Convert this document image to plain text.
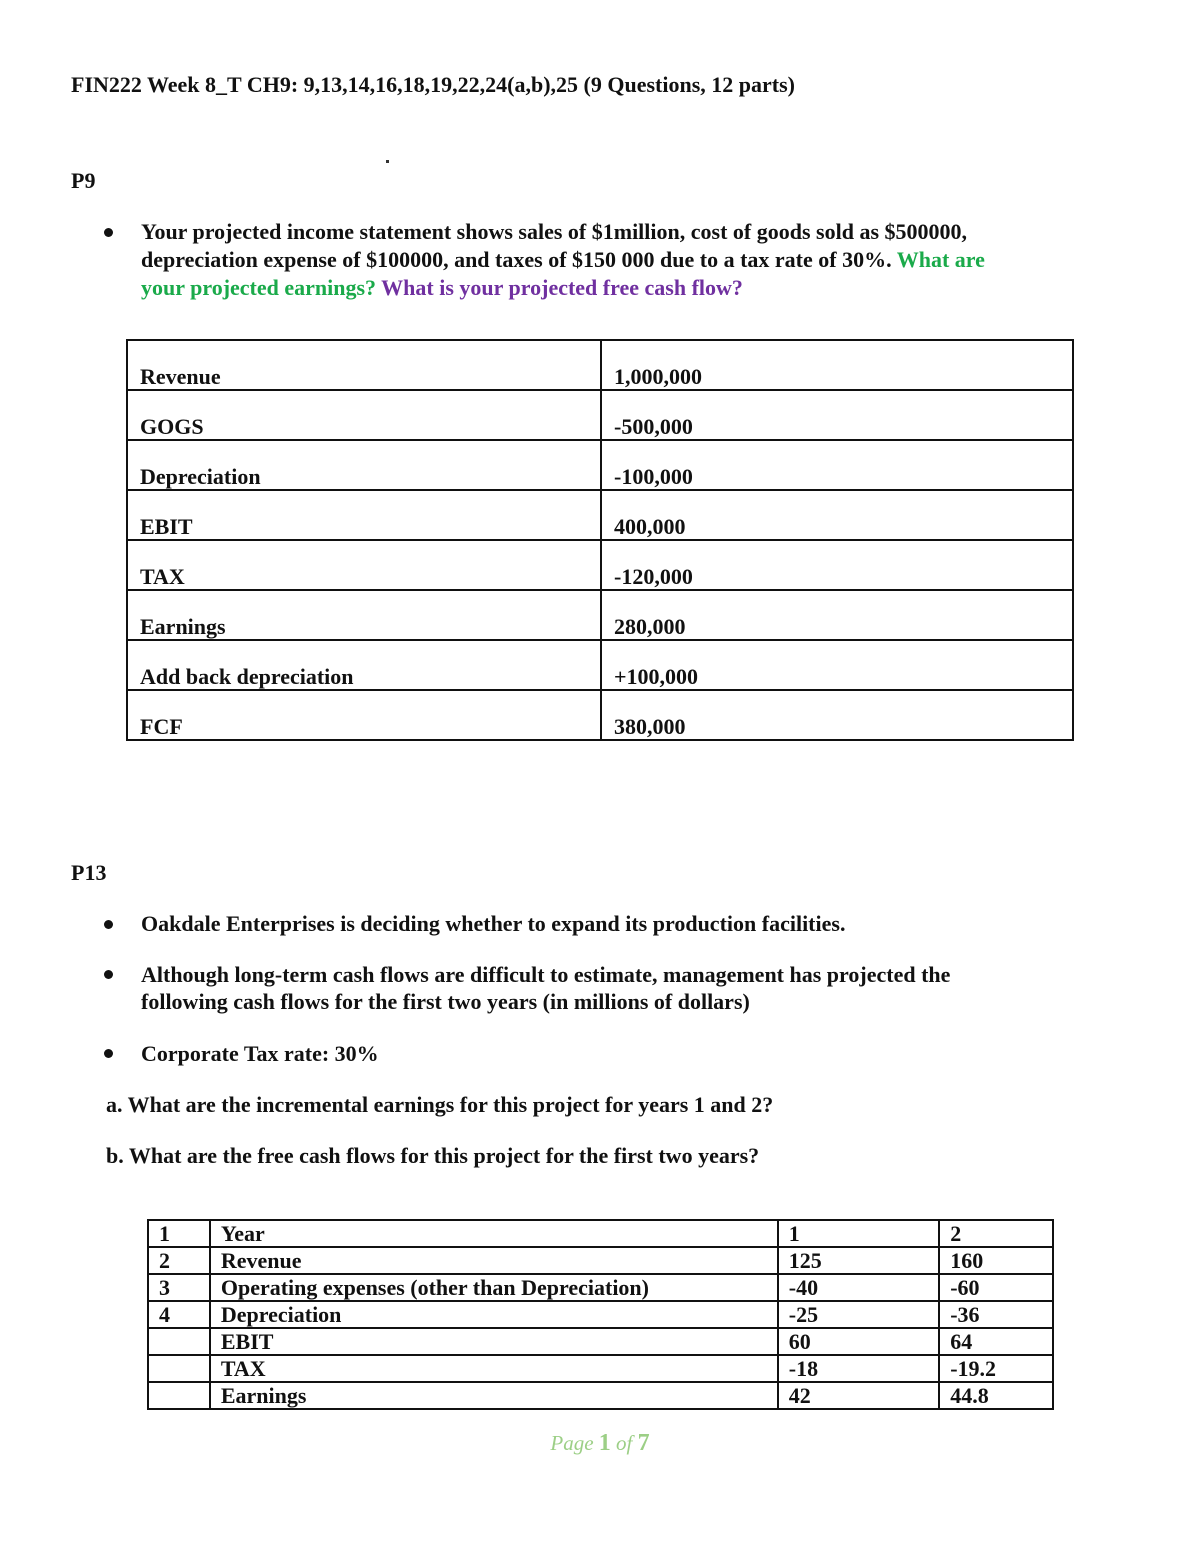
FIN222 Week 8_T CH9: 9,13,14,16,18,19,22,24(a,b),25 (9 Questions, 12 parts)
P9
Your projected income statement shows sales of $1million, cost of goods sold as $500000,
depreciation expense of $100000, and taxes of $150 000 due to a tax rate of 30%. What are
your projected earnings? What is your projected free cash flow?
Revenue	1,000,000
GOGS	-500,000
Depreciation	-100,000
EBIT	400,000
TAX	-120,000
Earnings	280,000
Add back depreciation	+100,000
FCF	380,000
P13
Oakdale Enterprises is deciding whether to expand its production facilities.
Although long-term cash flows are difficult to estimate, management has projected the
following cash flows for the first two years (in millions of dollars)
Corporate Tax rate: 30%
a. What are the incremental earnings for this project for years 1 and 2?
b. What are the free cash flows for this project for the first two years?
1	Year	1	2
2	Revenue	125	160
3	Operating expenses (other than Depreciation)	-40	-60
4	Depreciation	-25	-36
	EBIT	60	64
	TAX	-18	-19.2
	Earnings	42	44.8
Page 1 of 7
